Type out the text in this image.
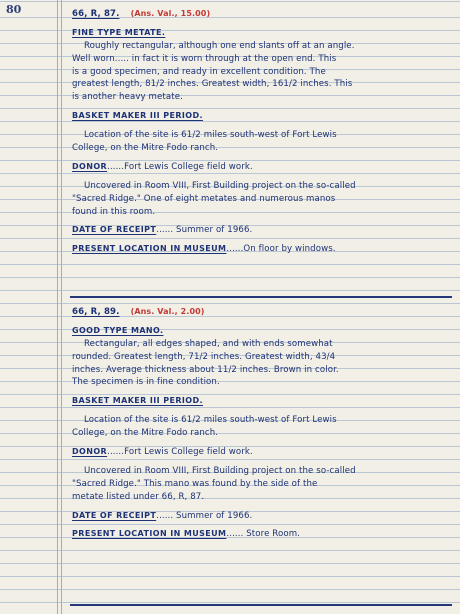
80	66, R, 87. (Ans. Val., 15.00)
FINE TYPE METATE.
Roughly rectangular, although one end slants off at an angle.
Well worn..... in fact it is worn through at the open end. This
is a good specimen, and ready in excellent condition. The
greatest length, 81/2 inches. Greatest width, 161/2 inches. This
is another heavy metate.
BASKET MAKER III PERIOD.
Location of the site is 61/2 miles south-west of Fort Lewis
College, on the Mitre Fodo ranch.
DONOR......Fort Lewis College field work.
Uncovered in Room VIII, First Building project on the so-called
"Sacred Ridge." One of eight metates and numerous manos
found in this room.
DATE OF RECEIPT...... Summer of 1966.
PRESENT LOCATION IN MUSEUM......On floor by windows.
66, R, 89. (Ans. Val., 2.00)
GOOD TYPE MANO.
Rectangular, all edges shaped, and with ends somewhat
rounded. Greatest length, 71/2 inches. Greatest width, 43/4
inches. Average thickness about 11/2 inches. Brown in color.
The specimen is in fine condition.
BASKET MAKER III PERIOD.
Location of the site is 61/2 miles south-west of Fort Lewis
College, on the Mitre Fodo ranch.
DONOR......Fort Lewis College field work.
Uncovered in Room VIII, First Building project on the so-called
"Sacred Ridge." This mano was found by the side of the
metate listed under 66, R, 87.
DATE OF RECEIPT...... Summer of 1966.
PRESENT LOCATION IN MUSEUM...... Store Room.
